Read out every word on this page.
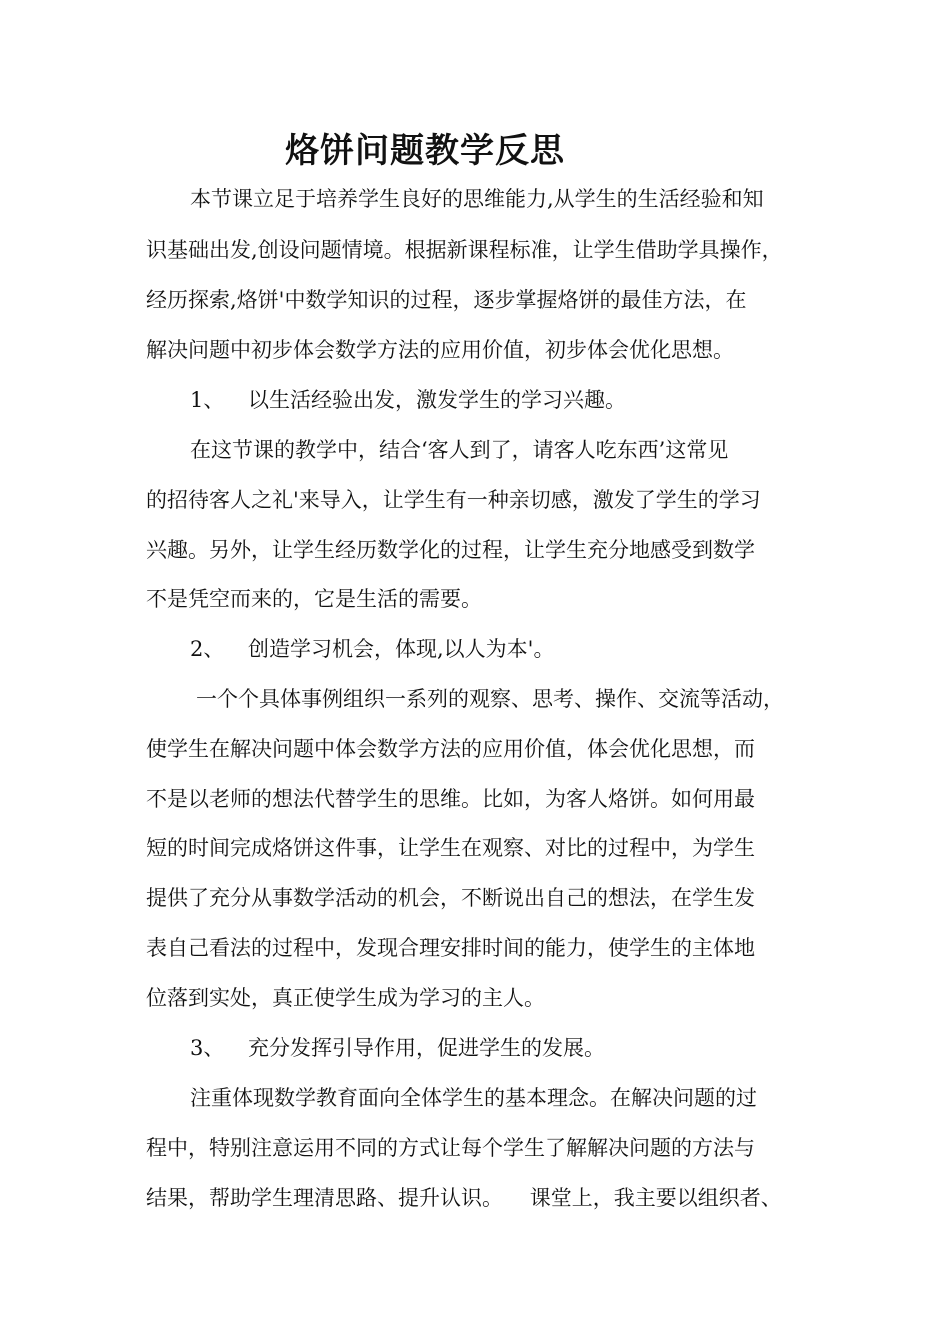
烙饼问题教学反思
本节课立足于培养学生良好的思维能力,从学生的生活经验和知
识基础出发,创设问题情境。根据新课程标准，让学生借助学具操作，
经历探索,烙饼'中数学知识的过程，逐步掌握烙饼的最佳方法，在
解决问题中初步体会数学方法的应用价值，初步体会优化思想。
1、 以生活经验出发，激发学生的学习兴趣。
在这节课的教学中，结合‘客人到了，请客人吃东西’这常见
的招待客人之礼'来导入，让学生有一种亲切感，激发了学生的学习
兴趣。另外，让学生经历数学化的过程，让学生充分地感受到数学
不是凭空而来的，它是生活的需要。
2、 创造学习机会，体现,以人为本'。
一个个具体事例组织一系列的观察、思考、操作、交流等活动，
使学生在解决问题中体会数学方法的应用价值，体会优化思想，而
不是以老师的想法代替学生的思维。比如，为客人烙饼。如何用最
短的时间完成烙饼这件事，让学生在观察、对比的过程中，为学生
提供了充分从事数学活动的机会，不断说出自己的想法，在学生发
表自己看法的过程中，发现合理安排时间的能力，使学生的主体地
位落到实处，真正使学生成为学习的主人。
3、 充分发挥引导作用，促进学生的发展。
注重体现数学教育面向全体学生的基本理念。在解决问题的过
程中，特别注意运用不同的方式让每个学生了解解决问题的方法与
结果，帮助学生理清思路、提升认识。    课堂上，我主要以组织者、
